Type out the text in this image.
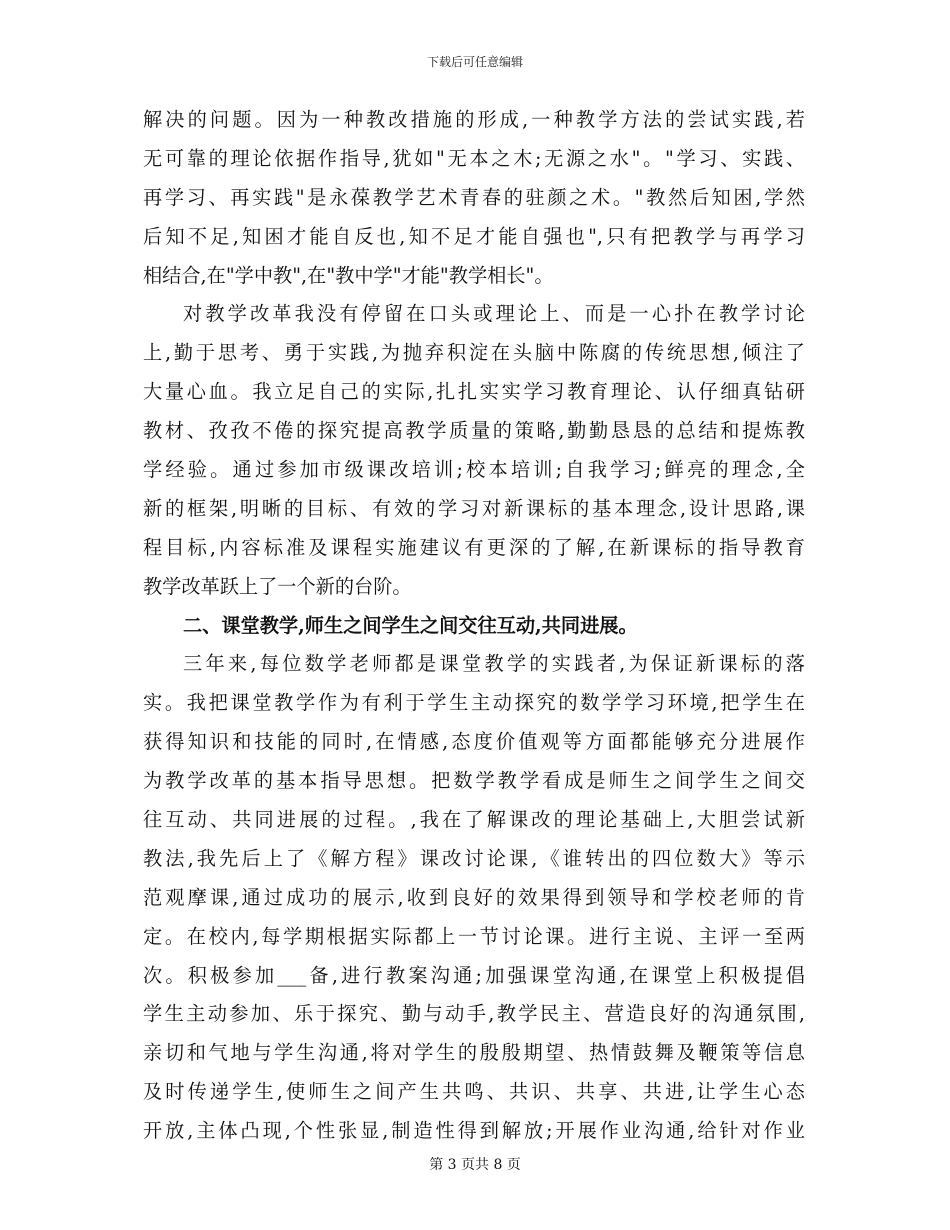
下载后可任意编辑
解决的问题。因为一种教改措施的形成,一种教学方法的尝试实践,若
无可靠的理论依据作指导,犹如"无本之木;无源之水"。"学习、实践、
再学习、再实践"是永葆教学艺术青春的驻颜之术。"教然后知困,学然
后知不足,知困才能自反也,知不足才能自强也",只有把教学与再学习
相结合,在"学中教",在"教中学"才能"教学相长"。
对教学改革我没有停留在口头或理论上、而是一心扑在教学讨论
上,勤于思考、勇于实践,为抛弃积淀在头脑中陈腐的传统思想,倾注了
大量心血。我立足自己的实际,扎扎实实学习教育理论、认仔细真钻研
教材、孜孜不倦的探究提高教学质量的策略,勤勤恳恳的总结和提炼教
学经验。通过参加市级课改培训;校本培训;自我学习;鲜亮的理念,全
新的框架,明晰的目标、有效的学习对新课标的基本理念,设计思路,课
程目标,内容标准及课程实施建议有更深的了解,在新课标的指导教育
教学改革跃上了一个新的台阶。
二、课堂教学,师生之间学生之间交往互动,共同进展。
三年来,每位数学老师都是课堂教学的实践者,为保证新课标的落
实。我把课堂教学作为有利于学生主动探究的数学学习环境,把学生在
获得知识和技能的同时,在情感,态度价值观等方面都能够充分进展作
为教学改革的基本指导思想。把数学教学看成是师生之间学生之间交
往互动、共同进展的过程。,我在了解课改的理论基础上,大胆尝试新
教法,我先后上了《解方程》课改讨论课,《谁转出的四位数大》等示
范观摩课,通过成功的展示,收到良好的效果得到领导和学校老师的肯
定。在校内,每学期根据实际都上一节讨论课。进行主说、主评一至两
次。积极参加___备,进行教案沟通;加强课堂沟通,在课堂上积极提倡
学生主动参加、乐于探究、勤与动手,教学民主、营造良好的沟通氛围,
亲切和气地与学生沟通,将对学生的殷殷期望、热情鼓舞及鞭策等信息
及时传递学生,使师生之间产生共鸣、共识、共享、共进,让学生心态
开放,主体凸现,个性张显,制造性得到解放;开展作业沟通,给针对作业
第 3 页共 8 页
